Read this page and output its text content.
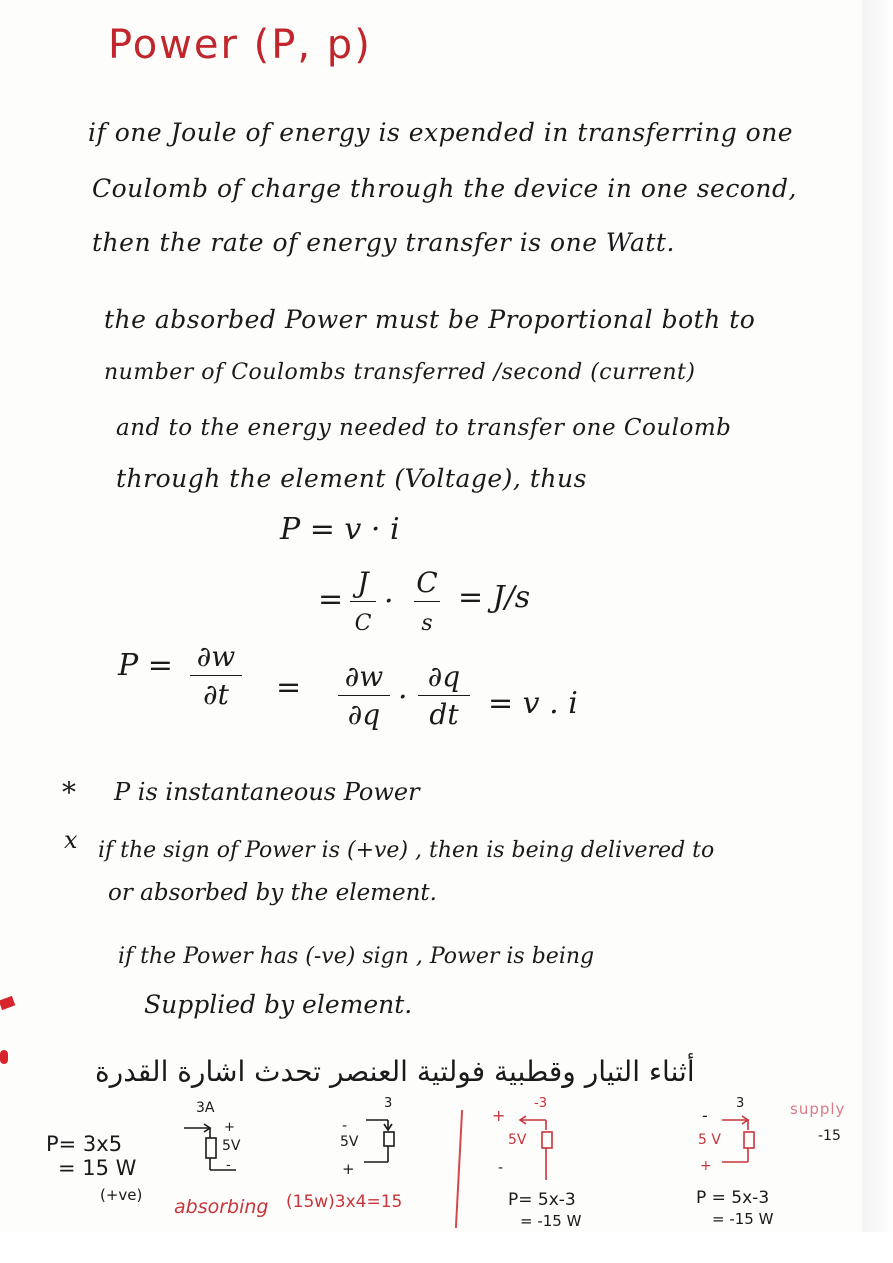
Power (P, p)
if one Joule of energy is expended in transferring one
Coulomb of charge through the device in one second,
then the rate of energy transfer is one Watt.
the absorbed Power must be Proportional both to
number of Coulombs transferred /second (current)
and to the energy needed to transfer one Coulomb
through the element (Voltage), thus
P = v · i
= J
C
·
C
s
= J/s
P = ∂w
∂t	= ∂w
∂q ·
∂q
dt = v . i
* P is instantaneous Power
x if the sign of Power is (+ve) , then is being delivered to
or absorbed by the element.
if the Power has (-ve) sign , Power is being
Supplied by element.
أثناء التيار وقطبية فولتية العنصر تحدث اشارة القدرة
P= 3x5
= 15 W
(+ve)
3A
+
5V
-
3
-
5V
+
absorbing (15w)3x4=15
-3
+
5V
-
P= 5x-3
= -15 W
3
-
5 V
+
P = 5x-3
= -15 W
supply
-15
